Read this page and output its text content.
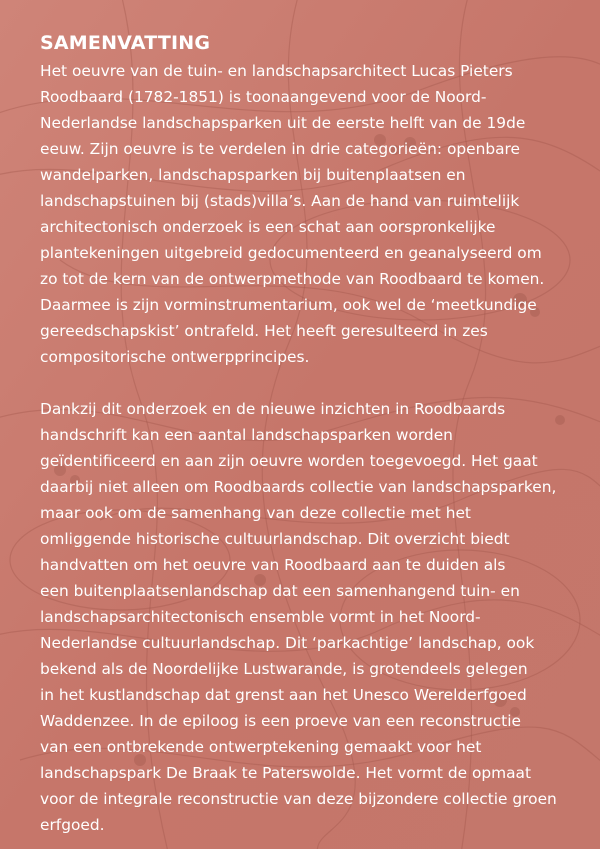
SAMENVATTING

Het oeuvre van de tuin- en landschapsarchitect Lucas Pieters
Roodbaard (1782-1851) is toonaangevend voor de Noord-
Nederlandse landschapsparken uit de eerste helft van de 19de
eeuw. Zijn oeuvre is te verdelen in drie categorieën: openbare
wandelparken, landschapsparken bij buitenplaatsen en
landschapstuinen bij (stads)villa’s. Aan de hand van ruimtelijk
architectonisch onderzoek is een schat aan oorspronkelijke
plantekeningen uitgebreid gedocumenteerd en geanalyseerd om
zo tot de kern van de ontwerpmethode van Roodbaard te komen.
Daarmee is zijn vorminstrumentarium, ook wel de ‘meetkundige
gereedschapskist’ ontrafeld. Het heeft geresulteerd in zes
compositorische ontwerpprincipes.

Dankzij dit onderzoek en de nieuwe inzichten in Roodbaards
handschrift kan een aantal landschapsparken worden
geïdentificeerd en aan zijn oeuvre worden toegevoegd. Het gaat
daarbij niet alleen om Roodbaards collectie van landschapsparken,
maar ook om de samenhang van deze collectie met het
omliggende historische cultuurlandschap. Dit overzicht biedt
handvatten om het oeuvre van Roodbaard aan te duiden als
een buitenplaatsenlandschap dat een samenhangend tuin- en
landschapsarchitectonisch ensemble vormt in het Noord-
Nederlandse cultuurlandschap. Dit ‘parkachtige’ landschap, ook
bekend als de Noordelijke Lustwarande, is grotendeels gelegen
in het kustlandschap dat grenst aan het Unesco Werelderfgoed
Waddenzee. In de epiloog is een proeve van een reconstructie
van een ontbrekende ontwerptekening gemaakt voor het
landschapspark De Braak te Paterswolde. Het vormt de opmaat
voor de integrale reconstructie van deze bijzondere collectie groen
erfgoed.
